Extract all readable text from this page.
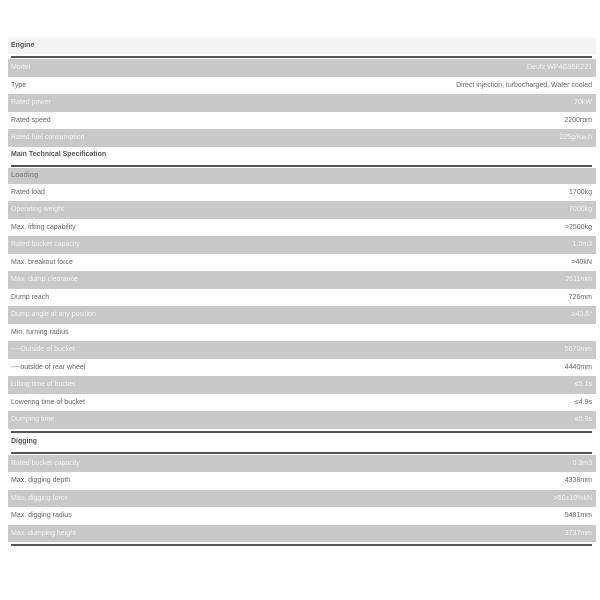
Engine
Model	Deutz WP4G95E221
Type	Direct injection, turbocharged, Water cooled
Rated power	70kW
Rated speed	2200rpm
Rated fuel consumption	225g/Kw.h
Main Technical Specification
Loading
Rated load	1700kg
Operating weight	7000kg
Max. lifting capability	>2500kg
Rated bucket capacity	1.0m3
Max. breakout force	>40kN
Max. dump clearance	2611mm
Dump reach	726mm
Dump angle at any position	≥43.5°
Min. turning radius
----Outside of bucket	5670mm
----outside of rear wheel	4440mm
Lifting time of bucket	≤5.1s
Lowering time of bucket	≤4.9s
Dumping time	≤0.9s
Digging
Rated bucket capacity	0.3m3
Max. digging depth	4338mm
Max. digging force	>50±10%kN
Max. digging radius	5481mm
Max. dumping height	3737mm
